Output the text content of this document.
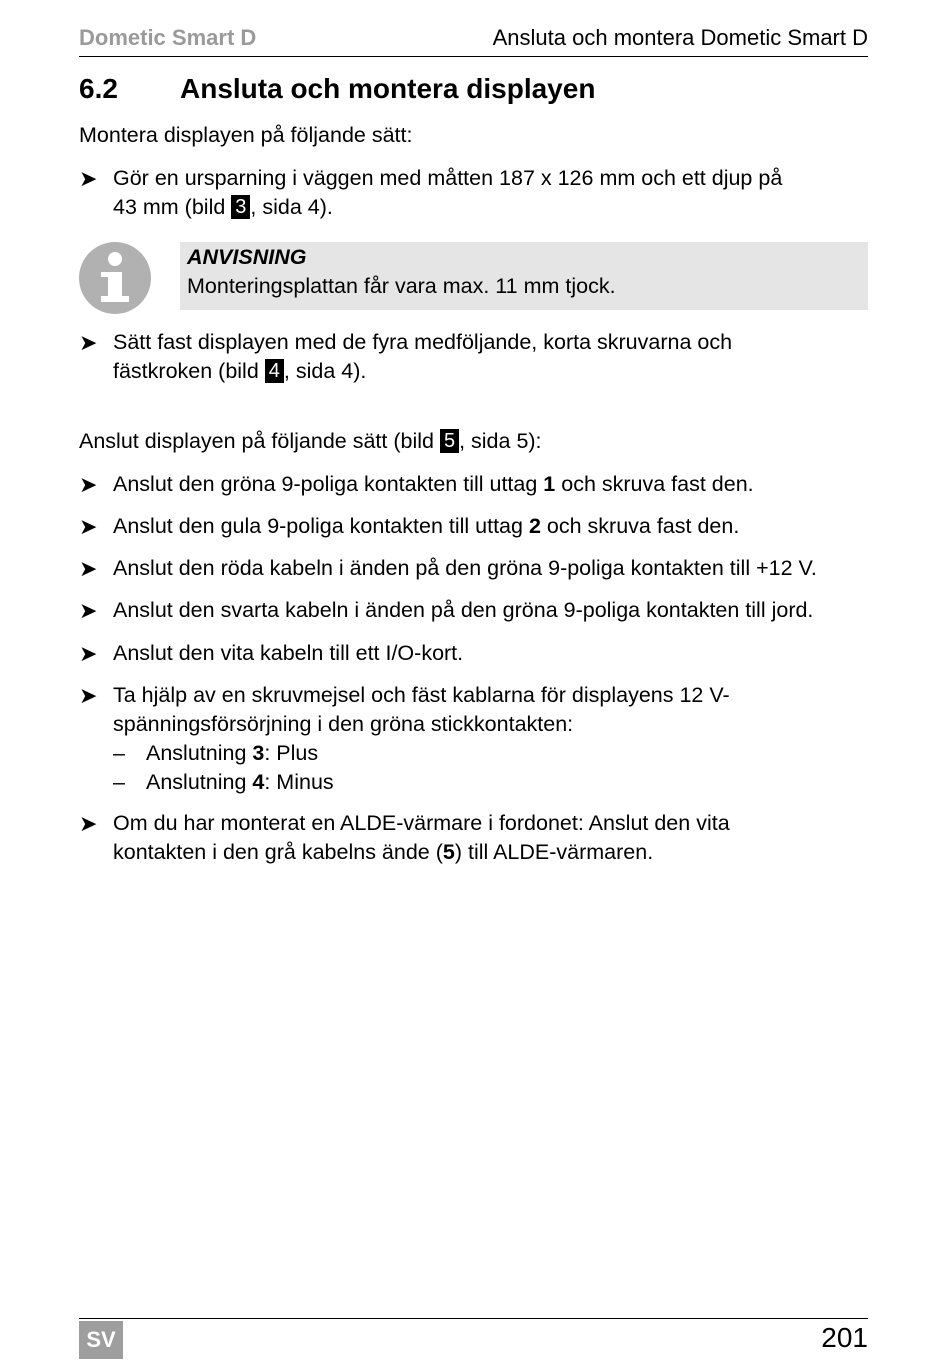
Dometic Smart D	Ansluta och montera Dometic Smart D
6.2 Ansluta och montera displayen
Montera displayen på följande sätt:
➤ Gör en ursparning i väggen med måtten 187 x 126 mm och ett djup på
43 mm (bild 3 , sida 4).
ANVISNING
Monteringsplattan får vara max. 11 mm tjock.
➤ Sätt fast displayen med de fyra medföljande, korta skruvarna och
fästkroken (bild 4 , sida 4).
Anslut displayen på följande sätt (bild 5 , sida 5):
➤ Anslut den gröna 9-poliga kontakten till uttag 1 och skruva fast den.
➤ Anslut den gula 9-poliga kontakten till uttag 2 och skruva fast den.
➤ Anslut den röda kabeln i änden på den gröna 9-poliga kontakten till +12 V.
➤ Anslut den svarta kabeln i änden på den gröna 9-poliga kontakten till jord.
➤ Anslut den vita kabeln till ett I/O-kort.
➤ Ta hjälp av en skruvmejsel och fäst kablarna för displayens 12 V-
spänningsförsörjning i den gröna stickkontakten:
– Anslutning 3: Plus
– Anslutning 4: Minus
➤ Om du har monterat en ALDE-värmare i fordonet: Anslut den vita
kontakten i den grå kabelns ände (5) till ALDE-värmaren.
SV	201
